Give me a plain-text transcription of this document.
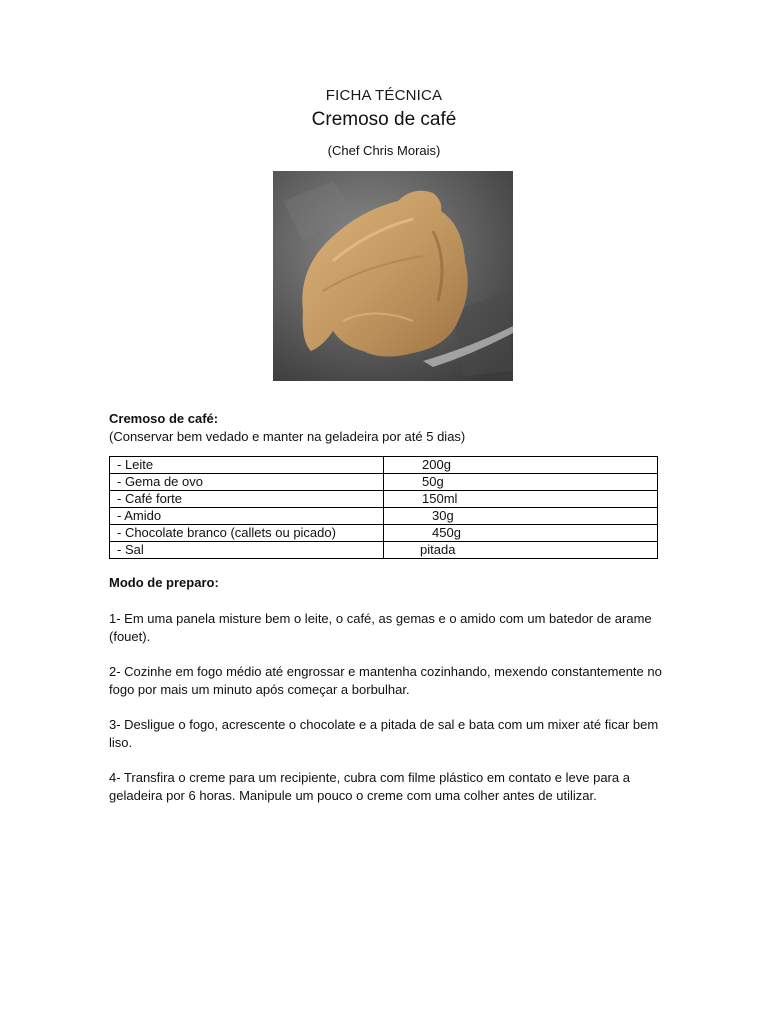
FICHA TÉCNICA
Cremoso de café
(Chef Chris Morais)
Cremoso de café:
(Conservar bem vedado e manter na geladeira por até 5 dias)
- Leite	200g
- Gema de ovo	50g
- Café forte	150ml
- Amido	30g
- Chocolate branco (callets ou picado)	450g
- Sal	pitada
Modo de preparo:

1- Em uma panela misture bem o leite, o café, as gemas e o amido com um batedor de arame (fouet).

2- Cozinhe em fogo médio até engrossar e mantenha cozinhando, mexendo constantemente no fogo por mais um minuto após começar a borbulhar.

3- Desligue o fogo, acrescente o chocolate e a pitada de sal e bata com um mixer até ficar bem liso.

4- Transfira o creme para um recipiente, cubra com filme plástico em contato e leve para a geladeira por 6 horas. Manipule um pouco o creme com uma colher antes de utilizar.
